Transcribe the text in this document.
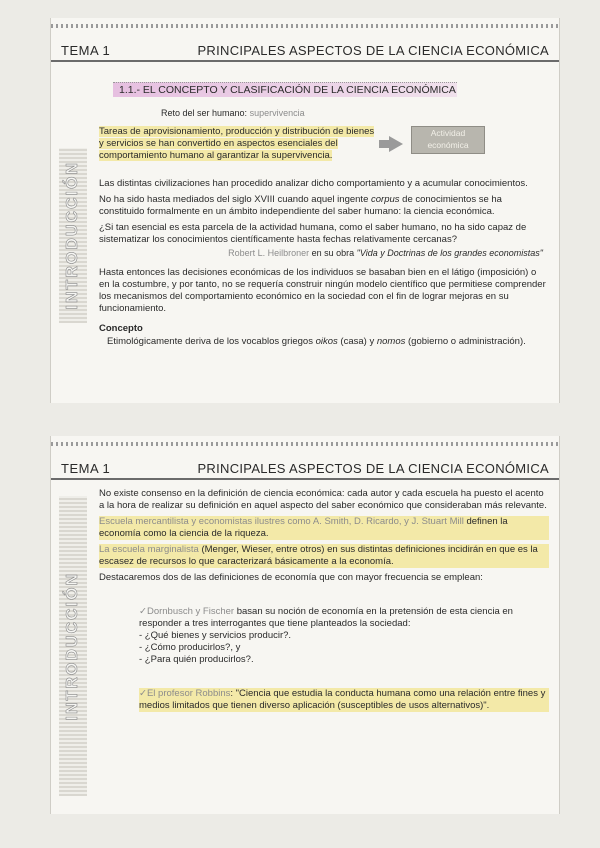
TEMA 1	PRINCIPALES ASPECTOS DE LA CIENCIA ECONÓMICA
INTRODUCCIÓN
1.1.- EL CONCEPTO Y CLASIFICACIÓN DE LA CIENCIA ECONÓMICA
Reto del ser humano: supervivencia

Tareas de aprovisionamiento, producción y distribución de bienes y servicios se han convertido en aspectos esenciales del comportamiento humano al garantizar la supervivencia.

Actividad
económica

Las distintas civilizaciones han procedido analizar dicho comportamiento y a acumular conocimientos.

No ha sido hasta mediados del siglo XVIII cuando aquel ingente corpus de conocimientos se ha constituido formalmente en un ámbito independiente del saber humano: la ciencia económica.

¿Si tan esencial es esta parcela de la actividad humana, como el saber humano, no ha sido capaz de sistematizar los conocimientos científicamente hasta fechas relativamente cercanas?

Robert L. Heilbroner en su obra "Vida y Doctrinas de los grandes economistas"

Hasta entonces las decisiones económicas de los individuos se basaban bien en el látigo (imposición) o en la costumbre, y por tanto, no se requería construir ningún modelo científico que permitiese comprender los mecanismos del comportamiento económico en la sociedad con el fin de lograr mejoras en su funcionamiento.

Concepto

Etimológicamente deriva de los vocablos griegos oikos (casa) y nomos (gobierno o administración).

TEMA 1	PRINCIPALES ASPECTOS DE LA CIENCIA ECONÓMICA
INTRODUCCIÓN

No existe consenso en la definición de ciencia económica: cada autor y cada escuela ha puesto el acento a la hora de realizar su definición en aquel aspecto del saber económico que consideraban más relevante.

Escuela mercantilista y economistas ilustres como A. Smith, D. Ricardo, y J. Stuart Mill definen la economía como la ciencia de la riqueza.

La escuela marginalista (Menger, Wieser, entre otros) en sus distintas definiciones incidirán en que es la escasez de recursos lo que caracterizará básicamente a la economía.

Destacaremos dos de las definiciones de economía que con mayor frecuencia se emplean:

✓Dornbusch y Fischer basan su noción de economía en la pretensión de esta ciencia en responder a tres interrogantes que tiene planteados la sociedad:

- ¿Qué bienes y servicios producir?.

- ¿Cómo producirlos?, y

- ¿Para quién producirlos?.

✓El profesor Robbins: "Ciencia que estudia la conducta humana como una relación entre fines y medios limitados que tienen diverso aplicación (susceptibles de usos alternativos)".
